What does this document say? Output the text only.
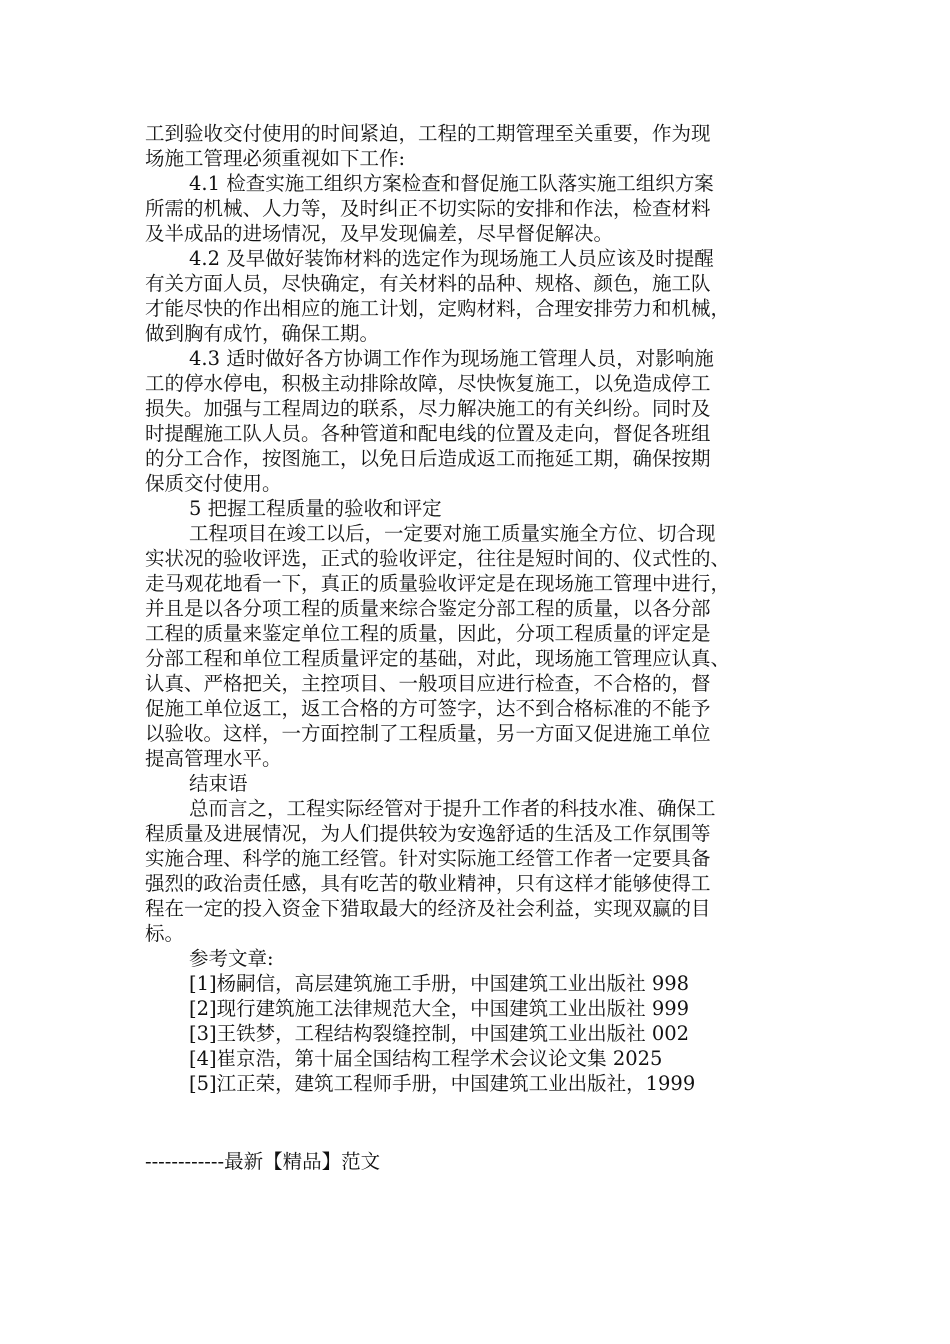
工到验收交付使用的时间紧迫，工程的工期管理至关重要，作为现
场施工管理必须重视如下工作:
4.1 检查实施工组织方案检查和督促施工队落实施工组织方案
所需的机械、人力等，及时纠正不切实际的安排和作法，检查材料
及半成品的进场情况，及早发现偏差，尽早督促解决。
4.2 及早做好装饰材料的选定作为现场施工人员应该及时提醒
有关方面人员，尽快确定，有关材料的品种、规格、颜色，施工队
才能尽快的作出相应的施工计划，定购材料，合理安排劳力和机械，
做到胸有成竹，确保工期。
4.3 适时做好各方协调工作作为现场施工管理人员，对影响施
工的停水停电，积极主动排除故障，尽快恢复施工，以免造成停工
损失。加强与工程周边的联系，尽力解决施工的有关纠纷。同时及
时提醒施工队人员。各种管道和配电线的位置及走向，督促各班组
的分工合作，按图施工，以免日后造成返工而拖延工期，确保按期
保质交付使用。
5 把握工程质量的验收和评定
工程项目在竣工以后，一定要对施工质量实施全方位、切合现
实状况的验收评选，正式的验收评定，往往是短时间的、仪式性的、
走马观花地看一下，真正的质量验收评定是在现场施工管理中进行，
并且是以各分项工程的质量来综合鉴定分部工程的质量，以各分部
工程的质量来鉴定单位工程的质量，因此，分项工程质量的评定是
分部工程和单位工程质量评定的基础，对此，现场施工管理应认真、
认真、严格把关，主控项目、一般项目应进行检查，不合格的，督
促施工单位返工，返工合格的方可签字，达不到合格标准的不能予
以验收。这样，一方面控制了工程质量，另一方面又促进施工单位
提高管理水平。
结束语
总而言之，工程实际经管对于提升工作者的科技水准、确保工
程质量及进展情况，为人们提供较为安逸舒适的生活及工作氛围等
实施合理、科学的施工经管。针对实际施工经管工作者一定要具备
强烈的政治责任感，具有吃苦的敬业精神，只有这样才能够使得工
程在一定的投入资金下猎取最大的经济及社会利益，实现双赢的目
标。
参考文章:
[1]杨嗣信，高层建筑施工手册，中国建筑工业出版社 998
[2]现行建筑施工法律规范大全，中国建筑工业出版社 999
[3]王铁梦，工程结构裂缝控制，中国建筑工业出版社 002
[4]崔京浩，第十届全国结构工程学术会议论文集 2025
[5]江正荣，建筑工程师手册，中国建筑工业出版社，1999
------------最新【精品】范文
